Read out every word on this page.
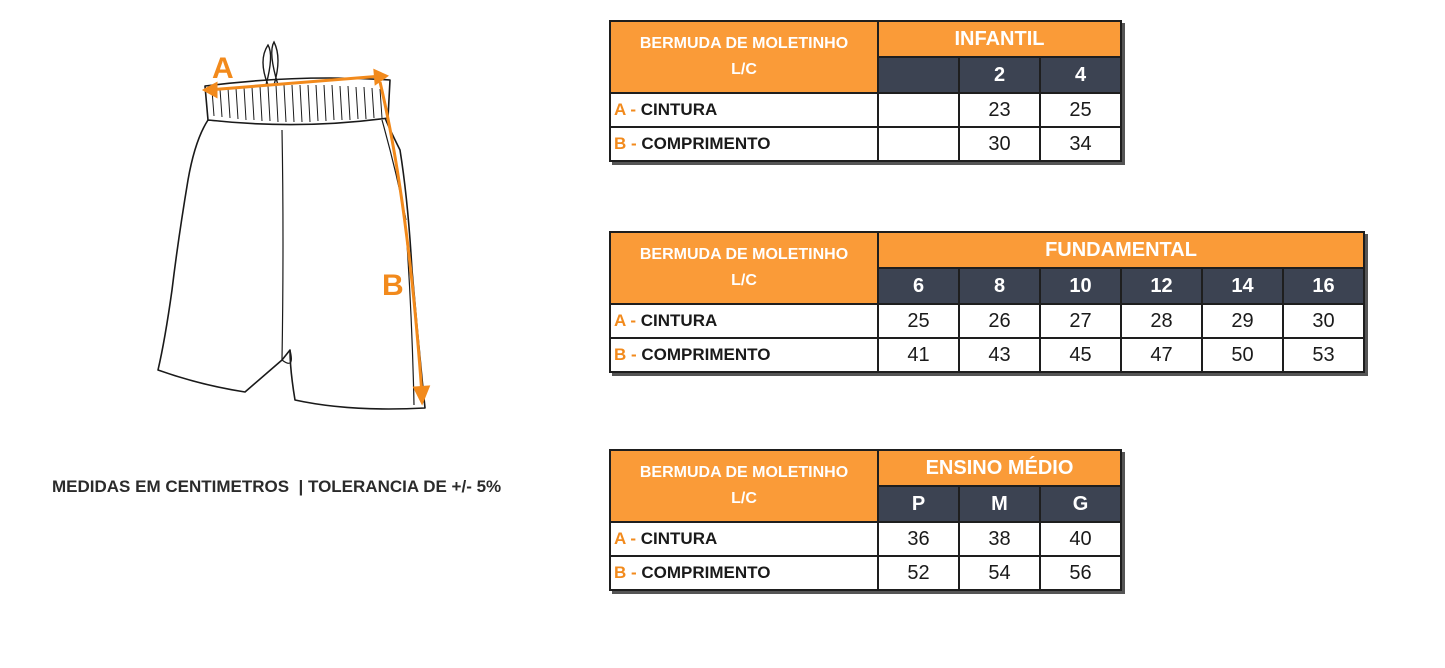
A
B
MEDIDAS EM CENTIMETROS  | TOLERANCIA DE +/- 5%
BERMUDA DE MOLETINHO
L/C	INFANTIL		
		2	4
A - CINTURA		23	25
B - COMPRIMENTO		30	34
BERMUDA DE MOLETINHO
L/C	FUNDAMENTAL					
	6	8	10	12	14	16
A - CINTURA	25	26	27	28	29	30
B - COMPRIMENTO	41	43	45	47	50	53
BERMUDA DE MOLETINHO
L/C	ENSINO MÉDIO		
	P	M	G
A - CINTURA	36	38	40
B - COMPRIMENTO	52	54	56
